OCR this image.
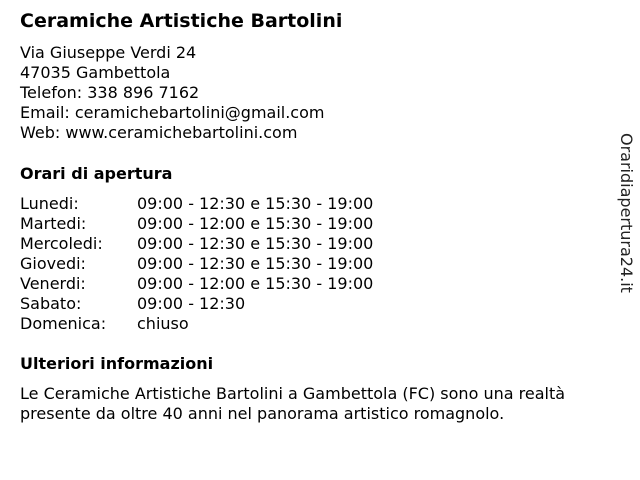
Ceramiche Artistiche Bartolini
Via Giuseppe Verdi 24
47035 Gambettola
Telefon: 338 896 7162
Email: ceramichebartolini@gmail.com
Web: www.ceramichebartolini.com
Orari di apertura
Lunedi:	09:00 - 12:30 e 15:30 - 19:00
Martedi:	09:00 - 12:00 e 15:30 - 19:00
Mercoledi: 09:00 - 12:30 e 15:30 - 19:00
Giovedi:	09:00 - 12:30 e 15:30 - 19:00
Venerdi:	09:00 - 12:00 e 15:30 - 19:00
Sabato:	09:00 - 12:30
Domenica: chiuso
Ulteriori informazioni

Le Ceramiche Artistiche Bartolini a Gambettola (FC) sono una realtà presente da oltre 40 anni nel panorama artistico romagnolo.

Oraridiapertura24.it
